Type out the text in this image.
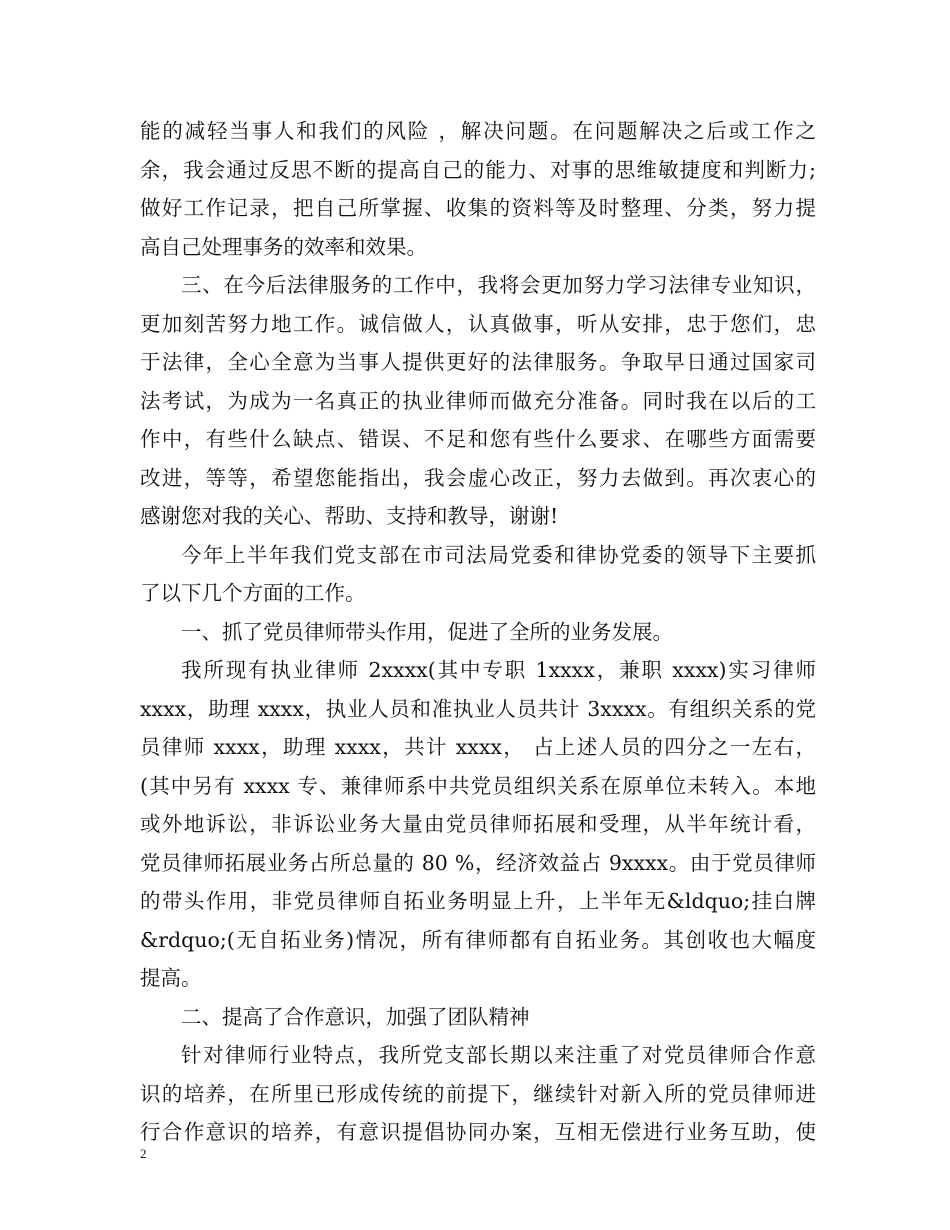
能的减轻当事人和我们的风险 ，解决问题。在问题解决之后或工作之
余，我会通过反思不断的提高自己的能力、对事的思维敏捷度和判断力;
做好工作记录，把自己所掌握、收集的资料等及时整理、分类，努力提
高自己处理事务的效率和效果。
三、在今后法律服务的工作中，我将会更加努力学习法律专业知识，
更加刻苦努力地工作。诚信做人，认真做事，听从安排，忠于您们，忠
于法律，全心全意为当事人提供更好的法律服务。争取早日通过国家司
法考试，为成为一名真正的执业律师而做充分准备。同时我在以后的工
作中，有些什么缺点、错误、不足和您有些什么要求、在哪些方面需要
改进，等等，希望您能指出，我会虚心改正，努力去做到。再次衷心的
感谢您对我的关心、帮助、支持和教导，谢谢!
今年上半年我们党支部在市司法局党委和律协党委的领导下主要抓
了以下几个方面的工作。
一、抓了党员律师带头作用，促进了全所的业务发展。
我所现有执业律师 2xxxx(其中专职 1xxxx，兼职 xxxx)实习律师
xxxx，助理 xxxx，执业人员和准执业人员共计 3xxxx。有组织关系的党
员律师 xxxx，助理 xxxx，共计 xxxx， 占上述人员的四分之一左右，
(其中另有 xxxx 专、兼律师系中共党员组织关系在原单位未转入。本地
或外地诉讼，非诉讼业务大量由党员律师拓展和受理，从半年统计看，
党员律师拓展业务占所总量的 80 %，经济效益占 9xxxx。由于党员律师
的带头作用，非党员律师自拓业务明显上升，上半年无&ldquo;挂白牌
&rdquo;(无自拓业务)情况，所有律师都有自拓业务。其创收也大幅度
提高。
二、提高了合作意识，加强了团队精神
针对律师行业特点，我所党支部长期以来注重了对党员律师合作意
识的培养，在所里已形成传统的前提下，继续针对新入所的党员律师进
行合作意识的培养，有意识提倡协同办案，互相无偿进行业务互助，使
2
